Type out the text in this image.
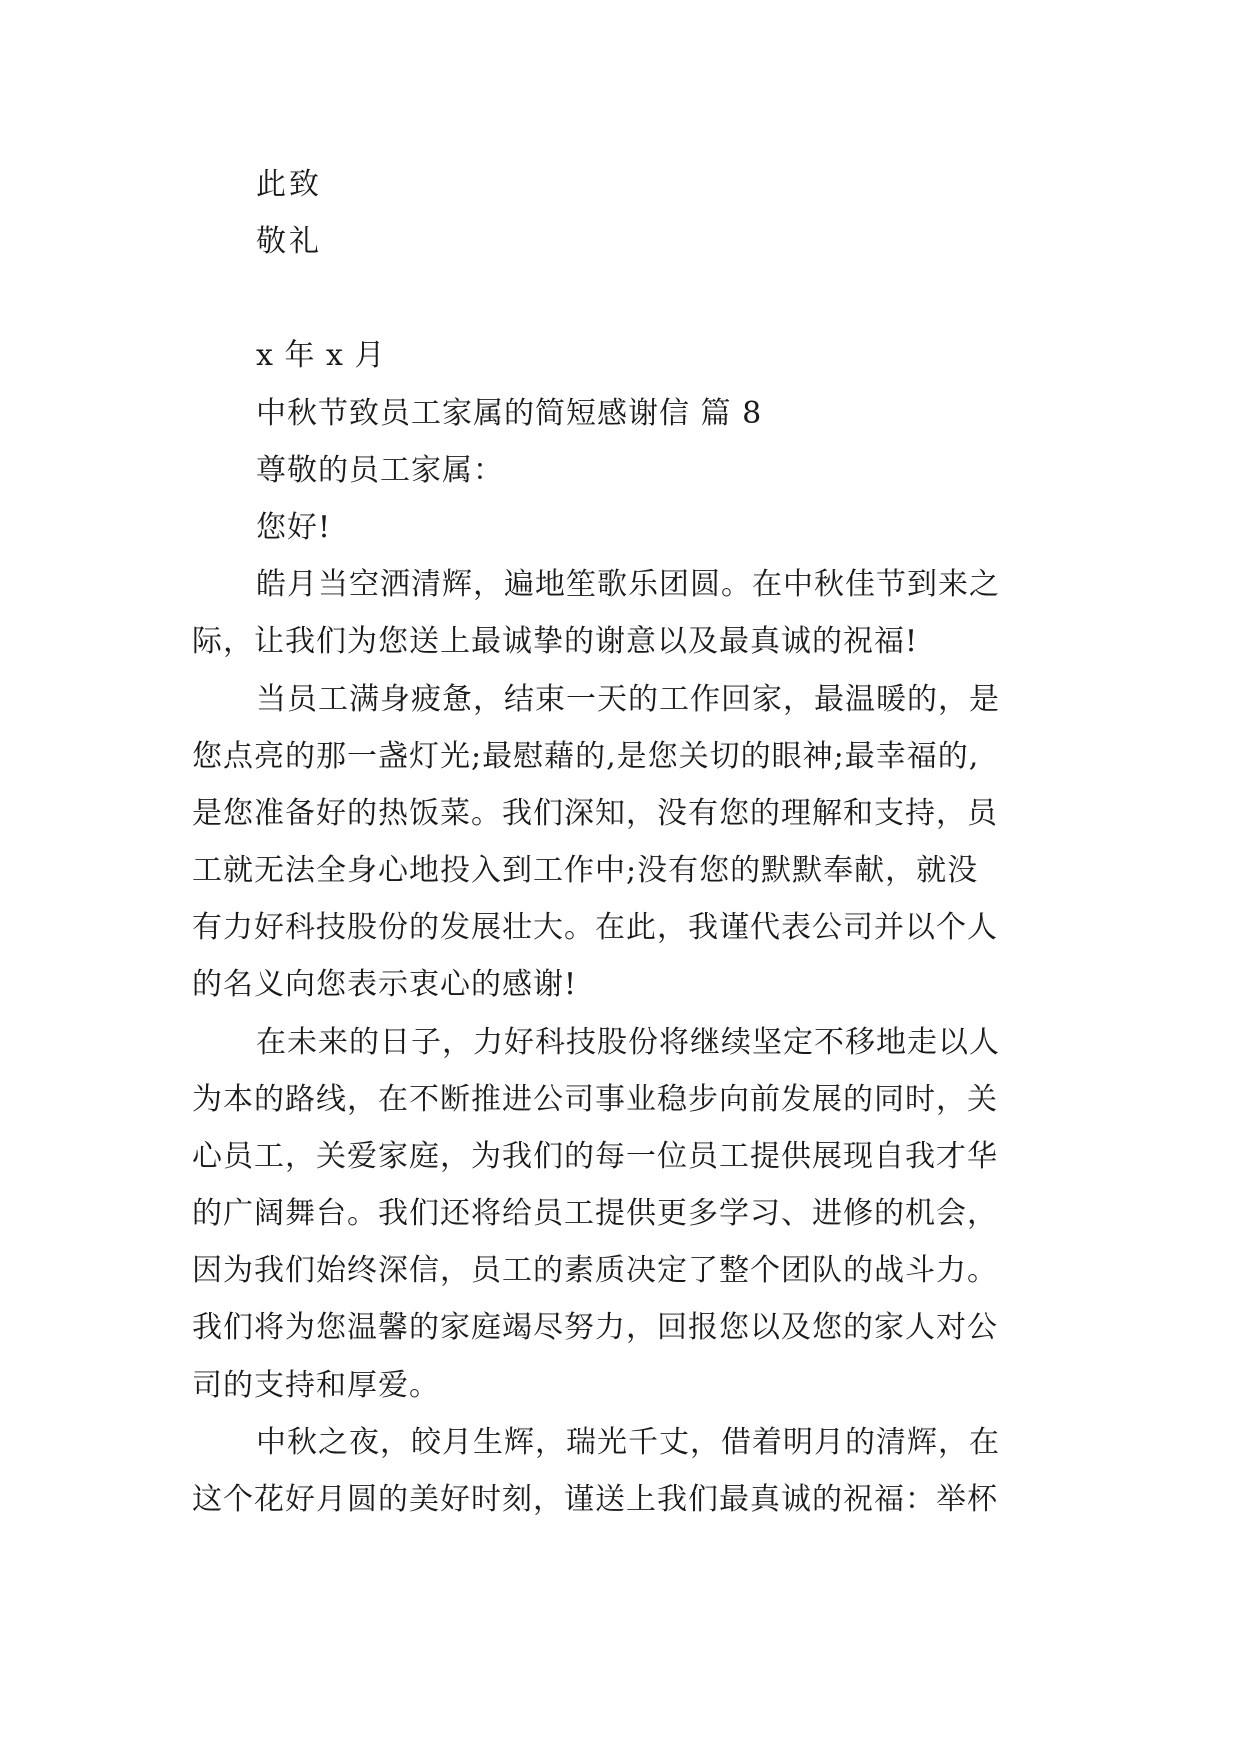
此致
敬礼
x 年 x 月
中秋节致员工家属的简短感谢信 篇 8
尊敬的员工家属：
您好!
皓月当空洒清辉，遍地笙歌乐团圆。在中秋佳节到来之
际，让我们为您送上最诚挚的谢意以及最真诚的祝福!
当员工满身疲惫，结束一天的工作回家，最温暖的，是
您点亮的那一盏灯光;最慰藉的,是您关切的眼神;最幸福的,
是您准备好的热饭菜。我们深知，没有您的理解和支持，员
工就无法全身心地投入到工作中;没有您的默默奉献，就没
有力好科技股份的发展壮大。在此，我谨代表公司并以个人
的名义向您表示衷心的感谢!
在未来的日子，力好科技股份将继续坚定不移地走以人
为本的路线，在不断推进公司事业稳步向前发展的同时，关
心员工，关爱家庭，为我们的每一位员工提供展现自我才华
的广阔舞台。我们还将给员工提供更多学习、进修的机会，
因为我们始终深信，员工的素质决定了整个团队的战斗力。
我们将为您温馨的家庭竭尽努力，回报您以及您的家人对公
司的支持和厚爱。
中秋之夜，皎月生辉，瑞光千丈，借着明月的清辉，在
这个花好月圆的美好时刻，谨送上我们最真诚的祝福：举杯
